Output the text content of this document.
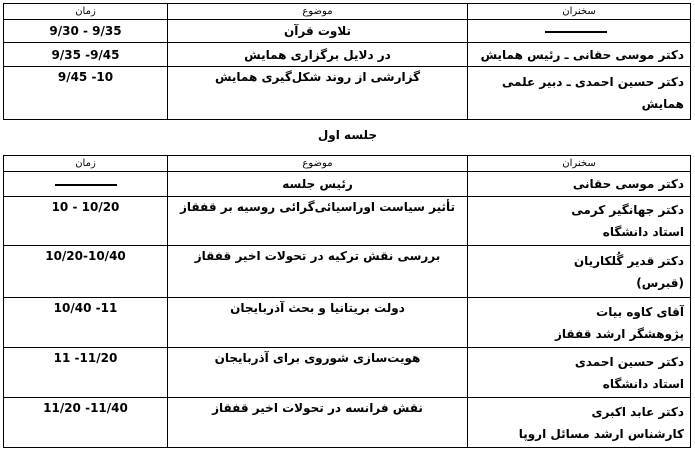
سخنران	موضوع	زمان
	تلاوت قرآن	9/30 - 9/35
دکتر موسی حقانی ـ رئیس همایش	در دلایل برگزاری همایش	9/35 -9/45

دکتر حسین احمدی ـ دبیر علمی
همایش	گزارشی از روند شکل‌گیری همایش	9/45 -10
جلسه اول
سخنران	موضوع	زمان
دکتر موسی حقانی	رئیس جلسه	

دکتر جهانگیر کرمی
استاد دانشگاه	تأثیر سیاست اوراسیائی‌گرائی روسیه بر قفقاز	10 - 10/20

دکتر قدیر گُلکاریان
(قبرس)	بررسی نقش ترکیه در تحولات اخیر قفقاز	10/20-10/40

آقای کاوه بیات
پژوهشگر ارشد قفقاز	دولت بریتانیا و بحث آذربایجان	10/40 -11

دکتر حسین احمدی
استاد دانشگاه	هویت‌سازی شوروی برای آذربایجان	11 -11/20

دکتر عابد اکبری
کارشناس ارشد مسائل اروپا	نقش فرانسه در تحولات اخیر قفقاز	11/20 -11/40
